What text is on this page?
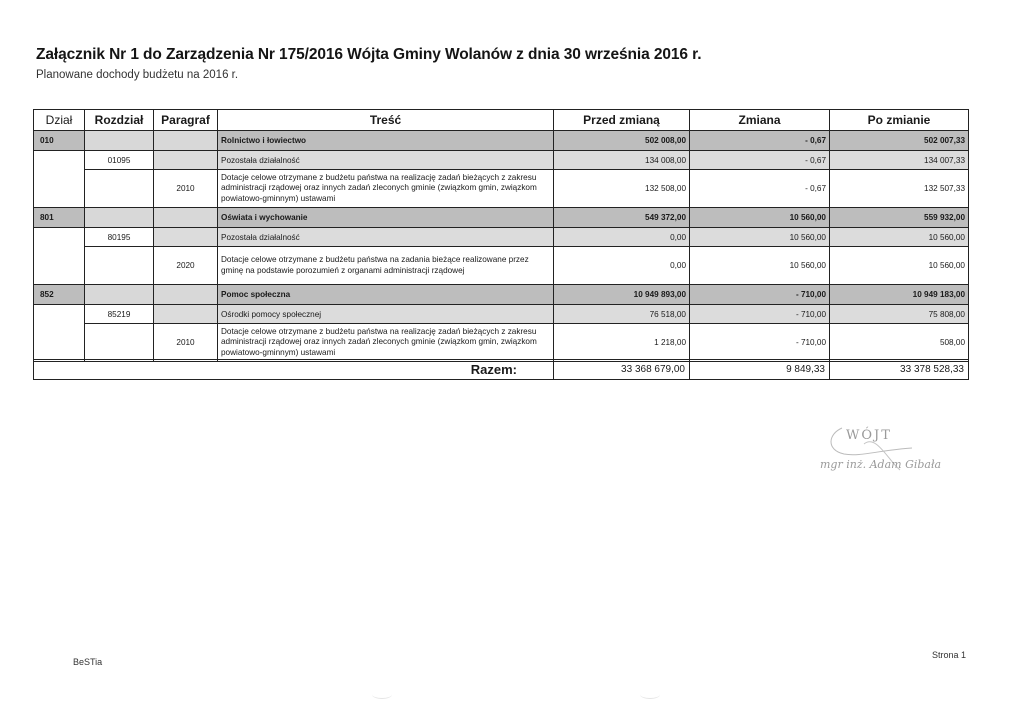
Załącznik Nr 1 do Zarządzenia Nr 175/2016 Wójta Gminy Wolanów z dnia 30 września 2016 r.
Planowane dochody budżetu na 2016 r.
Dział	Rozdział	Paragraf	Treść	Przed zmianą	Zmiana	Po zmianie
010			Rolnictwo i łowiectwo	502 008,00	- 0,67	502 007,33
	01095		Pozostała działalność	134 008,00	- 0,67	134 007,33
		2010	Dotacje celowe otrzymane z budżetu państwa na realizację zadań bieżących z zakresu administracji rządowej oraz innych zadań zleconych gminie (związkom gmin, związkom powiatowo-gminnym) ustawami	132 508,00	- 0,67	132 507,33
801			Oświata i wychowanie	549 372,00	10 560,00	559 932,00
	80195		Pozostała działalność	0,00	10 560,00	10 560,00
		2020	Dotacje celowe otrzymane z budżetu państwa na zadania bieżące realizowane przez gminę na podstawie porozumień z organami administracji rządowej	0,00	10 560,00	10 560,00
852			Pomoc społeczna	10 949 893,00	- 710,00	10 949 183,00
	85219		Ośrodki pomocy społecznej	76 518,00	- 710,00	75 808,00
		2010	Dotacje celowe otrzymane z budżetu państwa na realizację zadań bieżących z zakresu administracji rządowej oraz innych zadań zleconych gminie (związkom gmin, związkom powiatowo-gminnym) ustawami	1 218,00	- 710,00	508,00
Razem:	33 368 679,00	9 849,33	33 378 528,33
WÓJT
mgr inż. Adam Gibała
BeSTia
Strona 1
